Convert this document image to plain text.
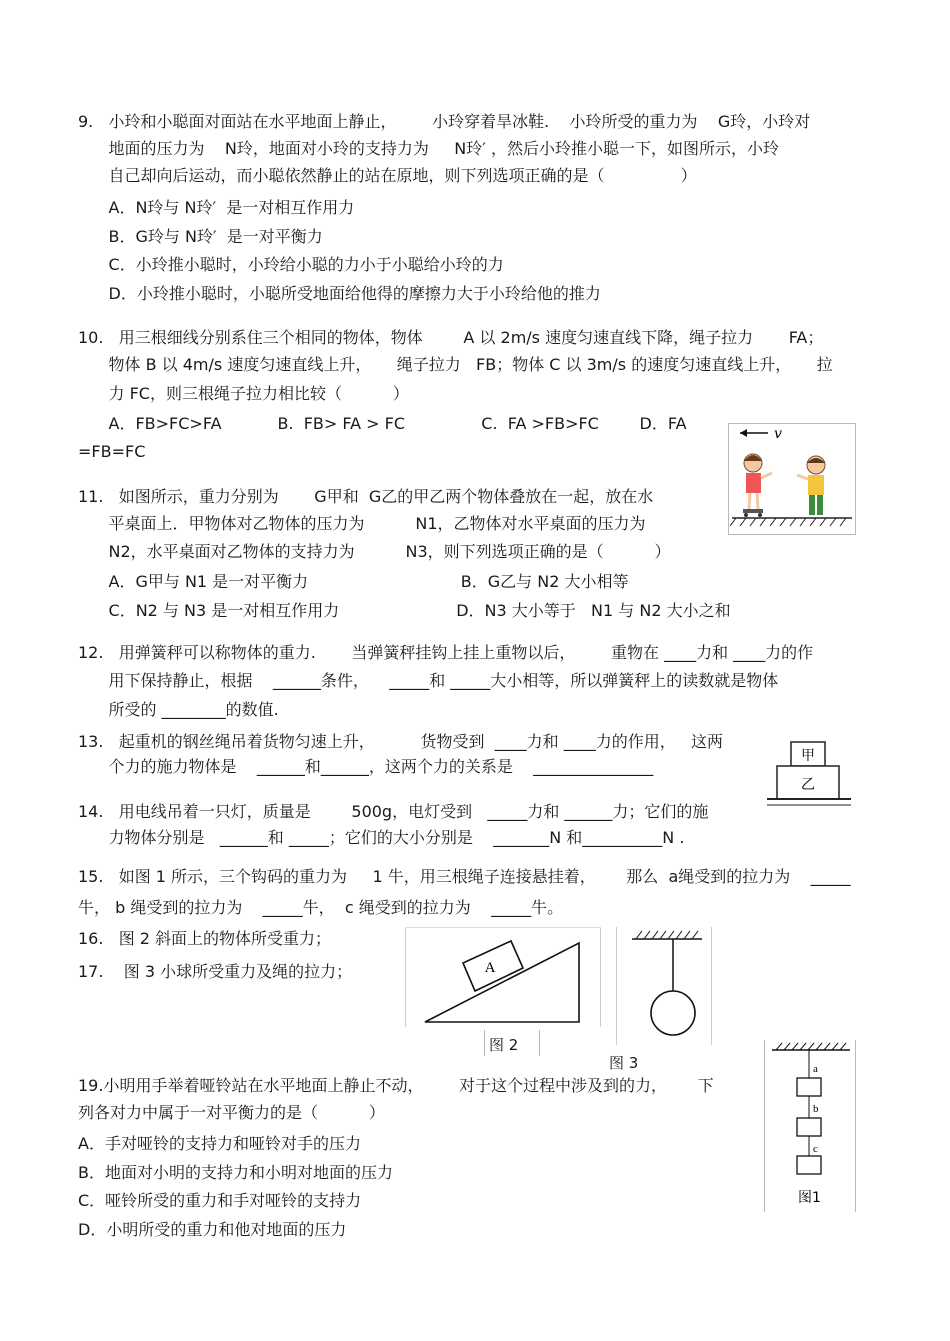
9.   小玲和小聪面对面站在水平地面上静止，       小玲穿着旱冰鞋.    小玲所受的重力为    G玲，小玲对
地面的压力为    N玲，地面对小玲的支持力为     N玲′ ，然后小玲推小聪一下，如图所示，小玲
自己却向后运动，而小聪依然静止的站在原地，则下列选项正确的是（               ）
A．N玲与 N玲′  是一对相互作用力
B．G玲与 N玲′  是一对平衡力
C．小玲推小聪时，小玲给小聪的力小于小聪给小玲的力
D．小玲推小聪时，小聪所受地面给他得的摩擦力大于小玲给他的推力
10.   用三根细线分别系住三个相同的物体，物体        A 以 2m/s 速度匀速直线下降，绳子拉力       FA；
物体 B 以 4m/s 速度匀速直线上升，     绳子拉力   FB；物体 C 以 3m/s 的速度匀速直线上升，     拉
力 FC，则三根绳子拉力相比较（          ）
A．FB>FC>FA           B.  FB> FA > FC               C.  FA >FB>FC        D．FA
=FB=FC
v
11.   如图所示，重力分别为       G甲和  G乙的甲乙两个物体叠放在一起，放在水
平桌面上．甲物体对乙物体的压力为          N1，乙物体对水平桌面的压力为
N2，水平桌面对乙物体的支持力为          N3，则下列选项正确的是（          ）
A．G甲与 N1 是一对平衡力                              B．G乙与 N2 大小相等
C．N2 与 N3 是一对相互作用力                       D．N3 大小等于   N1 与 N2 大小之和
12.   用弹簧秤可以称物体的重力.       当弹簧秤挂钩上挂上重物以后，       重物在 ____力和 ____力的作
用下保持静止，根据    ______条件，    _____和 _____大小相等，所以弹簧秤上的读数就是物体
所受的 ________的数值.
甲
乙
13.   起重机的钢丝绳吊着货物匀速上升，         货物受到  ____力和 ____力的作用，   这两
个力的施力物体是    ______和______，这两个力的关系是    _______________
14.   用电线吊着一只灯，质量是        500g，电灯受到   _____力和 ______力；它们的施
力物体分别是   ______和 _____；它们的大小分别是    _______N 和__________N .
15.   如图 1 所示，三个钩码的重力为     1 牛，用三根绳子连接悬挂着，      那么  a绳受到的拉力为    _____
牛， b 绳受到的拉力为    _____牛，  c 绳受到的拉力为    _____牛。
16.   图 2 斜面上的物体所受重力；
17.    图 3 小球所受重力及绳的拉力；	A
图 2
图 3	a
b
c
图1
19.小明用手举着哑铃站在水平地面上静止不动，       对于这个过程中涉及到的力，      下
列各对力中属于一对平衡力的是（          ）
A．手对哑铃的支持力和哑铃对手的压力
B．地面对小明的支持力和小明对地面的压力
C．哑铃所受的重力和手对哑铃的支持力
D．小明所受的重力和他对地面的压力
